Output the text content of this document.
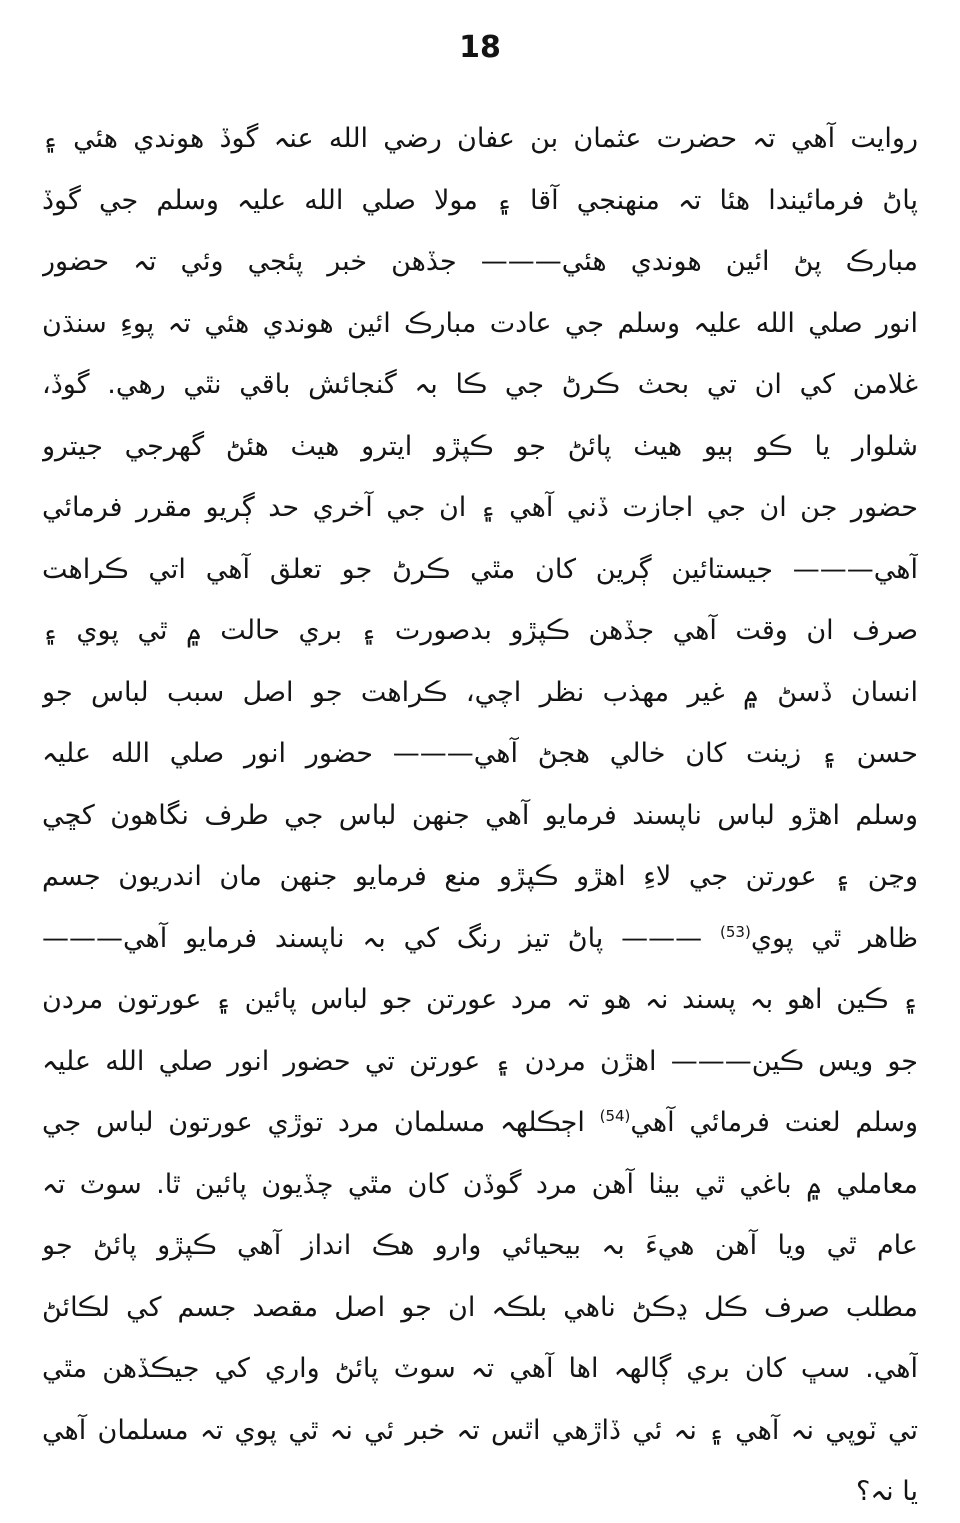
18
روايت آهي تہ حضرت عثمان بن عفان رضي الله عنہ گوڏ هوندي هئي ۽
پاڻ فرمائيندا هئا تہ منهنجي آقا ۽ مولا صلي الله عليہ وسلم جي گوڏ
مبارڪ پڻ ائين هوندي هئي——— جڏهن خبر پئجي وئي تہ حضور
انور صلي الله عليہ وسلم جي عادت مبارڪ ائين هوندي هئي تہ پوءِ سنڌن
غلامن کي ان تي بحث ڪرڻ جي ڪا بہ گنجائش باقي نٿي رهي. گوڏ،
شلوار يا ڪو ٻيو هيٺ پائڻ جو ڪپڙو ايترو هيٺ هئڻ گهرجي جيترو
حضور جن ان جي اجازت ڏني آهي ۽ ان جي آخري حد ڳريو مقرر فرمائي
آهي——— جيستائين ڳرين کان مٿي ڪرڻ جو تعلق آهي اتي ڪراهت
صرف ان وقت آهي جڏهن ڪپڙو بدصورت ۽ بري حالت ۾ ٿي پوي ۽
انسان ڏسڻ ۾ غير مهذب نظر اچي، ڪراهت جو اصل سبب لباس جو
حسن ۽ زينت کان خالي هجڻ آهي——— حضور انور صلي الله عليہ
وسلم اهڙو لباس ناپسند فرمايو آهي جنهن لباس جي طرف نگاهون کڇي
وڃن ۽ عورتن جي لاءِ اهڙو ڪپڙو منع فرمايو جنهن مان اندريون جسم
ظاهر ٿي پوي$^{(53)}$ ——— پاڻ تيز رنگ کي بہ ناپسند فرمايو آهي———
۽ ڪين اهو بہ پسند نہ هو تہ مرد عورتن جو لباس پائين ۽ عورتون مردن
جو ويس ڪين——— اهڙن مردن ۽ عورتن تي حضور انور صلي الله عليہ
وسلم لعنت فرمائي آهي$^{(54)}$ اڄڪلهہ مسلمان مرد توڙي عورتون لباس جي
معاملي ۾ باغي ٿي بيٺا آهن مرد گوڏن کان مٿي چڏيون پائين ٿا. سوٽ تہ
عام ٿي ويا آهن هيءَ بہ بيحيائي وارو هڪ انداز آهي ڪپڙو پائڻ جو
مطلب صرف ڪل ڍڪڻ ناهي بلڪہ ان جو اصل مقصد جسم کي لڪائڻ
آهي. سڀ کان بري ڳالهہ اها آهي تہ سوٽ پائڻ واري کي جيڪڏهن مٿي
تي ٽوپي نہ آهي ۽ نہ ئي ڏاڙهي اٿس تہ خبر ئي نہ ٿي پوي تہ مسلمان آهي
يا نہ؟
